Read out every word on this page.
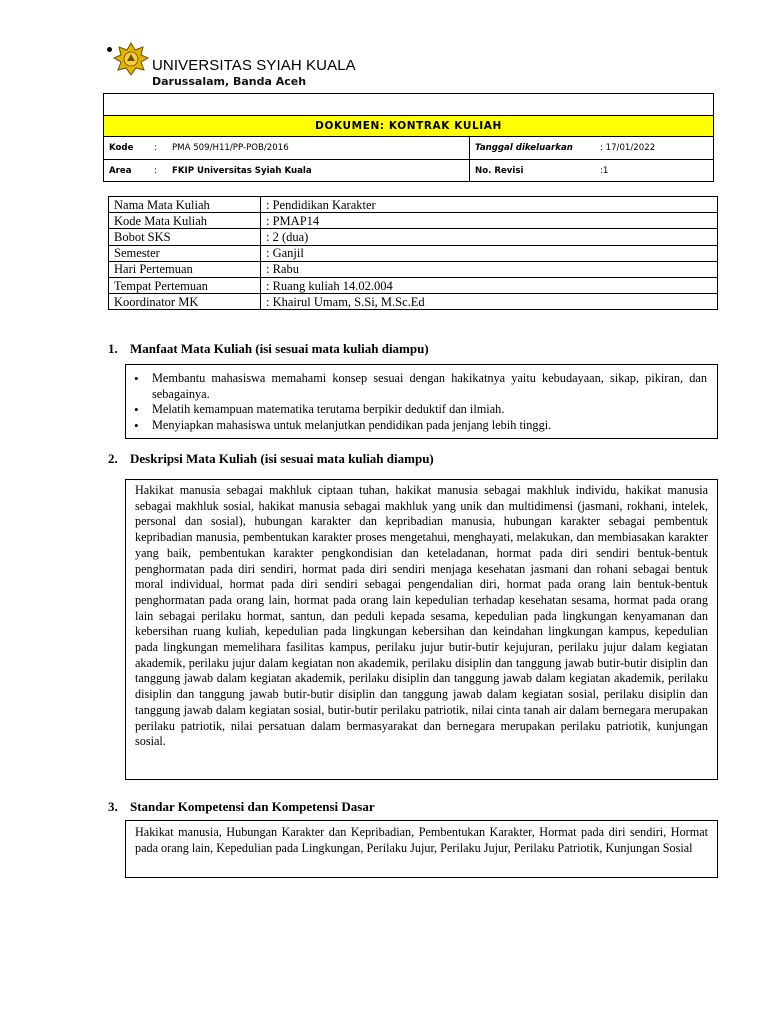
UNIVERSITAS SYIAH KUALA
Darussalam, Banda Aceh
DOKUMEN: KONTRAK KULIAH
Kode : PMA 509/H11/PP-POB/2016	Tanggal dikeluarkan	: 17/01/2022
Area	: FKIP Universitas Syiah Kuala	No. Revisi	:1
Nama Mata Kuliah	: Pendidikan Karakter
Kode Mata Kuliah	: PMAP14
Bobot SKS	: 2 (dua)
Semester	: Ganjil
Hari Pertemuan	: Rabu
Tempat Pertemuan	: Ruang kuliah 14.02.004
Koordinator MK	: Khairul Umam, S.Si, M.Sc.Ed
1. Manfaat Mata Kuliah (isi sesuai mata kuliah diampu)
• Membantu mahasiswa memahami konsep sesuai dengan hakikatnya yaitu kebudayaan, sikap, pikiran, dan sebagainya.
• Melatih kemampuan matematika terutama berpikir deduktif dan ilmiah.
• Menyiapkan mahasiswa untuk melanjutkan pendidikan pada jenjang lebih tinggi.
2. Deskripsi Mata Kuliah (isi sesuai mata kuliah diampu)
Hakikat manusia sebagai makhluk ciptaan tuhan, hakikat manusia sebagai makhluk individu, hakikat manusia sebagai makhluk sosial, hakikat manusia sebagai makhluk yang unik dan multidimensi (jasmani, rokhani, intelek, personal dan sosial), hubungan karakter dan kepribadian manusia, hubungan karakter sebagai pembentuk kepribadian manusia, pembentukan karakter proses mengetahui, menghayati, melakukan, dan membiasakan karakter yang baik, pembentukan karakter pengkondisian dan keteladanan, hormat pada diri sendiri bentuk-bentuk penghormatan pada diri sendiri, hormat pada diri sendiri menjaga kesehatan jasmani dan rohani sebagai bentuk moral individual, hormat pada diri sendiri sebagai pengendalian diri, hormat pada orang lain bentuk-bentuk penghormatan pada orang lain, hormat pada orang lain kepedulian terhadap kesehatan sesama, hormat pada orang lain sebagai perilaku hormat, santun, dan peduli kepada sesama, kepedulian pada lingkungan kenyamanan dan kebersihan ruang kuliah, kepedulian pada lingkungan kebersihan dan keindahan lingkungan kampus, kepedulian pada lingkungan memelihara fasilitas kampus, perilaku jujur butir-butir kejujuran, perilaku jujur dalam kegiatan akademik, perilaku jujur dalam kegiatan non akademik, perilaku disiplin dan tanggung jawab butir-butir disiplin dan tanggung jawab dalam kegiatan akademik, perilaku disiplin dan tanggung jawab dalam kegiatan akademik, perilaku disiplin dan tanggung jawab butir-butir disiplin dan tanggung jawab dalam kegiatan sosial, perilaku disiplin dan tanggung jawab dalam kegiatan sosial, butir-butir perilaku patriotik, nilai cinta tanah air dalam bernegara merupakan perilaku patriotik, nilai persatuan dalam bermasyarakat dan bernegara merupakan perilaku patriotik, kunjungan sosial.
3. Standar Kompetensi dan Kompetensi Dasar
Hakikat manusia, Hubungan Karakter dan Kepribadian, Pembentukan Karakter, Hormat pada diri sendiri, Hormat pada orang lain, Kepedulian pada Lingkungan, Perilaku Jujur, Perilaku Jujur, Perilaku Patriotik, Kunjungan Sosial
